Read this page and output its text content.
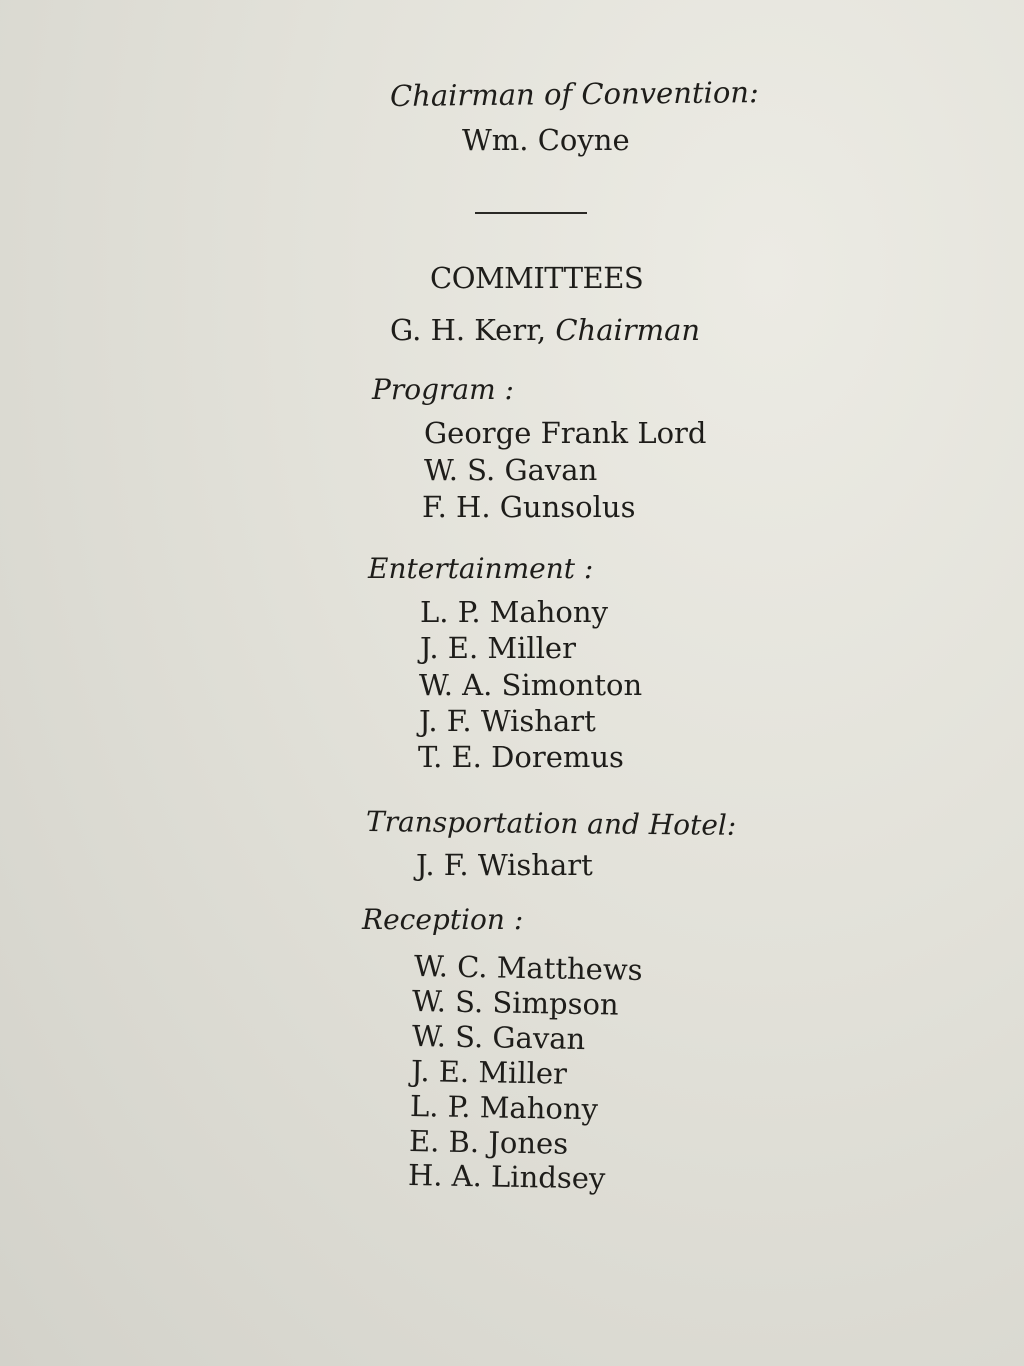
Chairman of Convention:
Wm. Coyne
COMMITTEES
G. H. Kerr, Chairman
Program :
George Frank Lord
W. S. Gavan
F. H. Gunsolus
Entertainment :
L. P. Mahony
J. E. Miller
W. A. Simonton
J. F. Wishart
T. E. Doremus
Transportation and Hotel:
J. F. Wishart
Reception :
W. C. Matthews
W. S. Simpson
W. S. Gavan
J. E. Miller
L. P. Mahony
E. B. Jones
H. A. Lindsey
